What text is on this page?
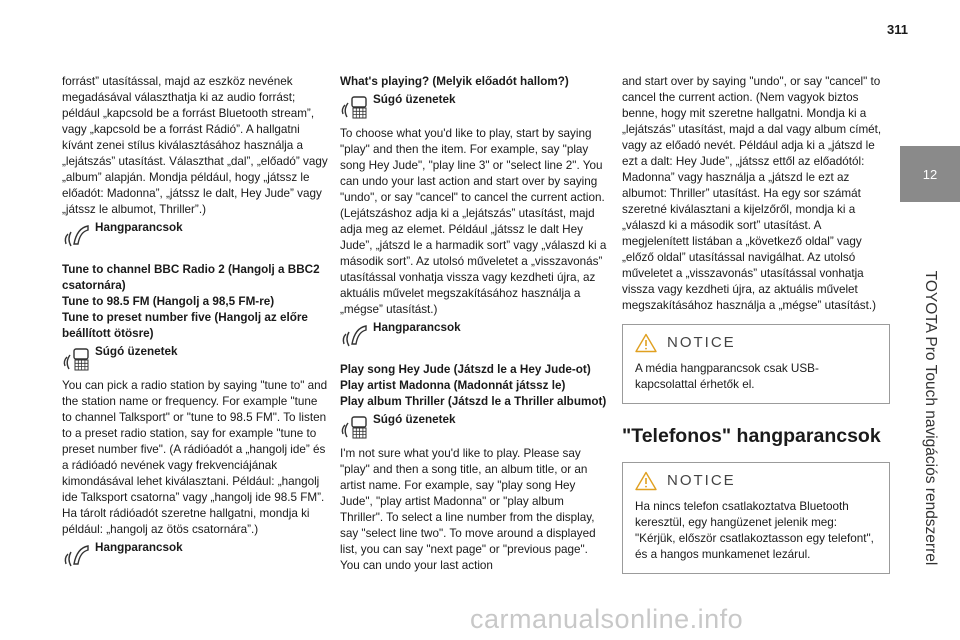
311
12
TOYOTA Pro Touch navigációs rendszerrel

forrást” utasítással, majd az eszköz nevének megadásával választhatja ki az audio forrást; például „kapcsold be a forrást Bluetooth stream”, vagy „kapcsold be a forrást Rádió”. A hallgatni kívánt zenei stílus kiválasztásához használja a „lejátszás” utasítást. Választhat „dal”, „előadó” vagy „album” alapján. Mondja például, hogy „játssz le előadót: Madonna”, „játssz le dalt, Hey Jude” vagy „játssz le albumot, Thriller”.)

Hangparancsok

Tune to channel BBC Radio 2 (Hangolj a BBC2 csatornára)

Tune to 98.5 FM (Hangolj a 98,5 FM-re)

Tune to preset number five (Hangolj az előre beállított ötösre)

Súgó üzenetek

You can pick a radio station by saying "tune to" and the station name or frequency. For example "tune to channel Talksport" or "tune to 98.5 FM". To listen to a preset radio station, say for example "tune to preset number five". (A rádióadót a „hangolj ide” és a rádióadó nevének vagy frekvenciájának kimondásával lehet kiválasztani. Például: „hangolj ide Talksport csatorna” vagy „hangolj ide 98.5 FM”. Ha tárolt rádióadót szeretne hallgatni, mondja ki például: „hangolj az ötös csatornára”.)

Hangparancsok

What's playing? (Melyik előadót hallom?)

Súgó üzenetek

To choose what you'd like to play, start by saying "play" and then the item. For example, say "play song Hey Jude", "play line 3" or "select line 2". You can undo your last action and start over by saying "undo", or say "cancel" to cancel the current action. (Lejátszáshoz adja ki a „lejátszás” utasítást, majd adja meg az elemet. Például „játssz le dalt Hey Jude”, „játszd le a harmadik sort” vagy „válaszd ki a második sort”. Az utolsó műveletet a „visszavonás” utasítással vonhatja vissza vagy kezdheti újra, az aktuális művelet megszakításához használja a „mégse” utasítást.)

Hangparancsok

Play song Hey Jude (Játszd le a Hey Jude-ot)

Play artist Madonna (Madonnát játssz le)

Play album Thriller (Játszd le a Thriller albumot)

Súgó üzenetek

I'm not sure what you'd like to play. Please say "play" and then a song title, an album title, or an artist name. For example, say "play song Hey Jude", "play artist Madonna" or "play album Thriller". To select a line number from the display, say "select line two". To move around a displayed list, you can say "next page" or "previous page". You can undo your last action

and start over by saying "undo", or say "cancel" to cancel the current action. (Nem vagyok biztos benne, hogy mit szeretne hallgatni. Mondja ki a „lejátszás” utasítást, majd a dal vagy album címét, vagy az előadó nevét. Például adja ki a „játszd le ezt a dalt: Hey Jude”, „játssz ettől az előadótól: Madonna” vagy használja a „játszd le ezt az albumot: Thriller” utasítást. Ha egy sor számát szeretné kiválasztani a kijelzőről, mondja ki a „válaszd ki a második sort” utasítást. A megjelenített listában a „következő oldal” vagy „előző oldal” utasítással navigálhat. Az utolsó műveletet a „visszavonás” utasítással vonhatja vissza vagy kezdheti újra, az aktuális művelet megszakításához használja a „mégse” utasítást.)

NOTICE

A média hangparancsok csak USB-kapcsolattal érhetők el.

"Telefonos" hangparancsok
NOTICE

Ha nincs telefon csatlakoztatva Bluetooth keresztül, egy hangüzenet jelenik meg: "Kérjük, először csatlakoztasson egy telefont", és a hangos munkamenet lezárul.

carmanualsonline.info
